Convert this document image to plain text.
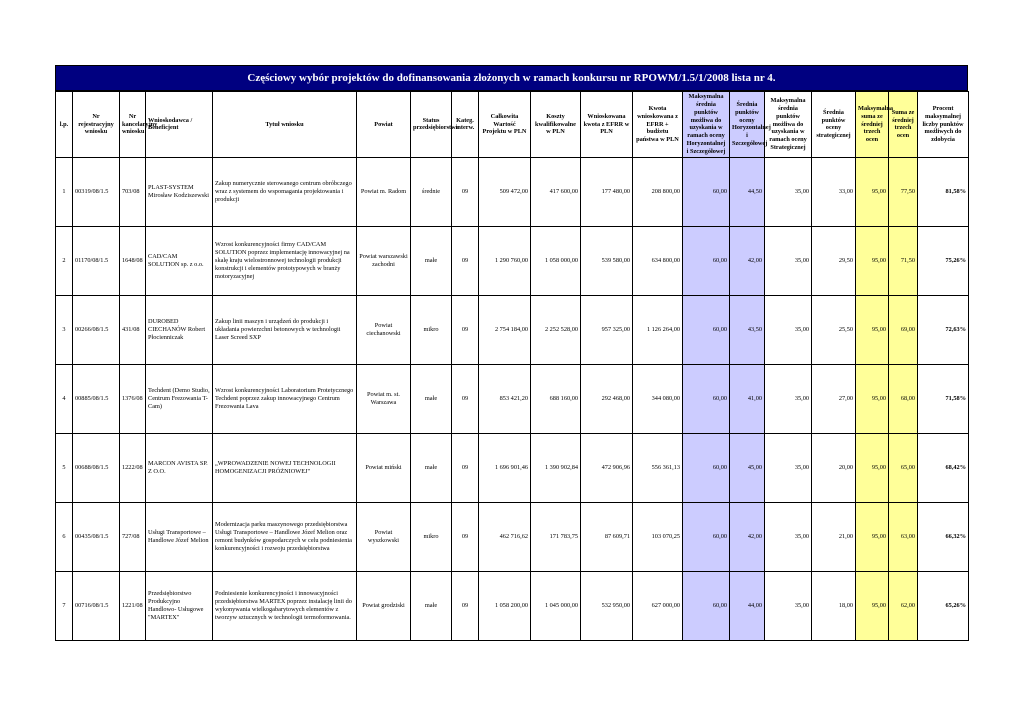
Częściowy wybór projektów do dofinansowania złożonych w ramach konkursu nr RPOWM/1.5/1/2008 lista nr 4.
l.p.	Nr rejestracyjny wniosku	Nr kancelaryjny wniosku	Wnioskodawca / Beneficjent	Tytuł wniosku	Powiat	Status przedsiębiorstwa	Kateg. interw.	Całkowita Wartość Projektu w PLN	Koszty kwalifikowalne w PLN	Wnioskowana kwota z EFRR w PLN	Kwota wnioskowana z EFRR + budżetu państwa w PLN	Maksymalna średnia punktów możliwa do uzyskania w ramach oceny Horyzontalnej i Szczegółowej	Średnia punktów oceny Horyzontalnej i Szczegółowej	Maksymalna średnia punktów możliwa do uzyskania w ramach oceny Strategicznej	Średnia punktów oceny strategicznej	Maksymalna suma ze średniej trzech ocen	Suma ze średniej trzech ocen	Procent maksymalnej liczby punktów możliwych do zdobycia
1	00319/08/1.5	703/08	PLAST-SYSTEM Mirosław Kodziszewski	Zakup numerycznie sterowanego centrum obróbczego wraz z systemem do wspomagania projektowania i produkcji	Powiat m. Radom	średnie	09	509 472,00	417 600,00	177 480,00	208 800,00	60,00	44,50	35,00	33,00	95,00	77,50	81,58%
2	01170/08/1.5	1648/08	CAD/CAM SOLUTION sp. z o.o.	Wzrost konkurencyjności firmy CAD/CAM SOLUTION poprzez implementację innowacyjnej na skalę kraju wielostronnowej technologii produkcji konstrukcji i elementów prototypowych w branży motoryzacyjnej	Powiat warszawski zachodni	małe	09	1 290 760,00	1 058 000,00	539 580,00	634 800,00	60,00	42,00	35,00	29,50	95,00	71,50	75,26%
3	00266/08/1.5	431/08	DUROBED CIECHANÓW Robert Płocienniczak	Zakup linii maszyn i urządzeń do produkcji i układania powierzchni betonowych w technologii Laser Screed SXP	Powiat ciechanowski	mikro	09	2 754 184,00	2 252 528,00	957 325,00	1 126 264,00	60,00	43,50	35,00	25,50	95,00	69,00	72,63%
4	00885/08/1.5	1376/08	Techdent (Demo Studio, Centrum Frezowania T-Cam)	Wzrost konkurencyjności Laboratorium Protetycznego Techdent poprzez zakup innowacyjnego Centrum Frezowania Lava	Powiat m. st. Warszawa	małe	09	853 421,20	688 160,00	292 468,00	344 080,00	60,00	41,00	35,00	27,00	95,00	68,00	71,58%
5	00688/08/1.5	1222/08	MARCON AVISTA SP. Z O.O.	„WPROWADZENIE NOWEJ TECHNOLOGII HOMOGENIZACJI PRÓŻNIOWEJ"	Powiat miński	małe	09	1 696 901,46	1 390 902,84	472 906,96	556 361,13	60,00	45,00	35,00	20,00	95,00	65,00	68,42%
6	00435/08/1.5	727/08	Usługi Transportowe – Handlowe Józef Melion	Modernizacja parku maszynowego przedsiębiorstwa Usługi Transportowe – Handlowe Józef Melion oraz remont budynków gospodarczych w celu podniesienia konkurencyjności i rozwoju przedsiębiorstwa	Powiat wyszkowski	mikro	09	462 716,62	171 783,75	87 609,71	103 070,25	60,00	42,00	35,00	21,00	95,00	63,00	66,32%
7	00716/08/1.5	1221/08	Przedsiębiorstwo Produkcyjno Handlowo- Usługowe "MARTEX"	Podniesienie konkurencyjności i innowacyjności przedsiębiorstwa MARTEX poprzez instalację linii do wykonywania wielkogabarytowych elementów z tworzyw sztucznych w technologii termoformowania.	Powiat grodziski	małe	09	1 058 200,00	1 045 000,00	532 950,00	627 000,00	60,00	44,00	35,00	18,00	95,00	62,00	65,26%
